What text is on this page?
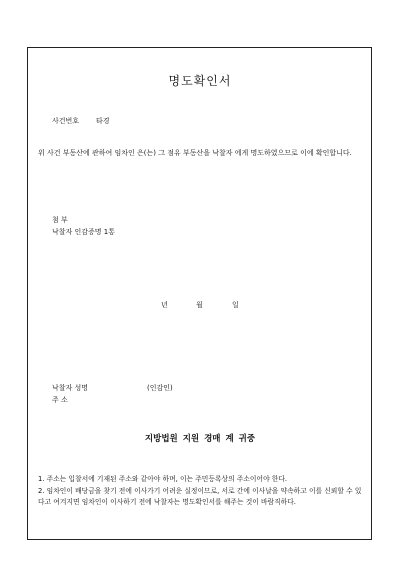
명도확인서
사건번호 타경
위 사건 부동산에 관하여 임차인 은(는) 그 점유 부동산을 낙찰자 에게 명도하였으므로 이에 확인합니다.
첨 부
낙찰자 인감증명 1통
년	월	일
낙찰자 성명	(인감인)
주 소
지방법원 지원 경매 계 귀중
1. 주소는 입찰서에 기재된 주소와 같아야 하며, 이는 주민등록상의 주소이어야 한다.
2. 임차인이 배당금을 찾기 전에 이사가기 어려운 실정이므로, 서로 간에 이사날을 약속하고 이를 신뢰할 수 있다고 여겨지면 임차인이 이사하기 전에 낙찰자는 명도확인서를 해주는 것이 바람직하다.
